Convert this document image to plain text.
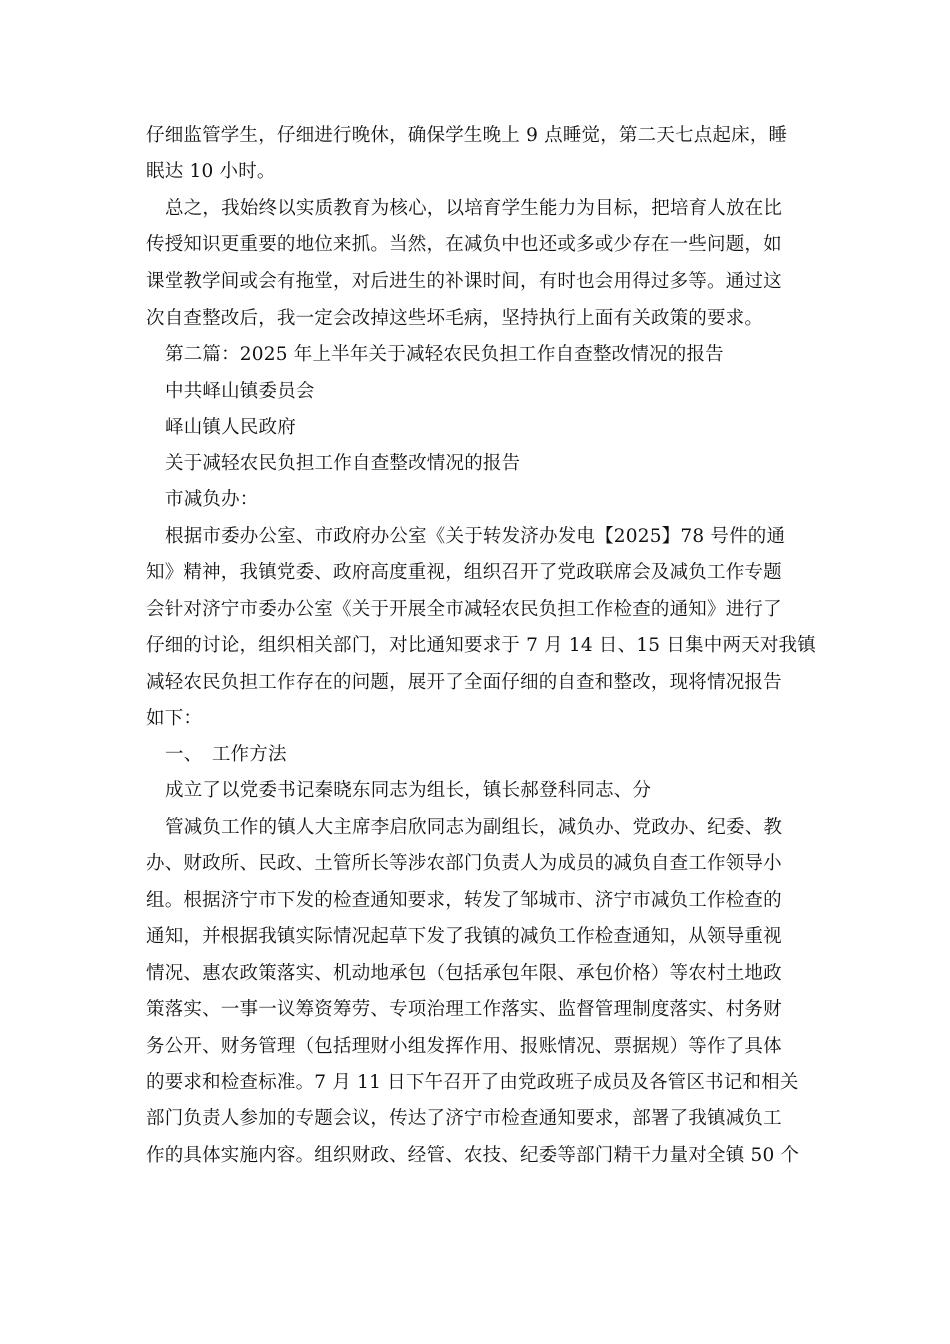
仔细监管学生，仔细进行晚休，确保学生晚上 9 点睡觉，第二天七点起床，睡
眠达 10 小时。
总之，我始终以实质教育为核心，以培育学生能力为目标，把培育人放在比
传授知识更重要的地位来抓。当然，在减负中也还或多或少存在一些问题，如
课堂教学间或会有拖堂，对后进生的补课时间，有时也会用得过多等。通过这
次自查整改后，我一定会改掉这些坏毛病，坚持执行上面有关政策的要求。
第二篇：2025 年上半年关于减轻农民负担工作自查整改情况的报告
中共峄山镇委员会
峄山镇人民政府
关于减轻农民负担工作自查整改情况的报告
市减负办：
根据市委办公室、市政府办公室《关于转发济办发电【2025】78 号件的通
知》精神，我镇党委、政府高度重视，组织召开了党政联席会及减负工作专题
会针对济宁市委办公室《关于开展全市减轻农民负担工作检查的通知》进行了
仔细的讨论，组织相关部门，对比通知要求于 7 月 14 日、15 日集中两天对我镇
减轻农民负担工作存在的问题，展开了全面仔细的自查和整改，现将情况报告
如下：
一、　工作方法
成立了以党委书记秦晓东同志为组长，镇长郝登科同志、分
管减负工作的镇人大主席李启欣同志为副组长，减负办、党政办、纪委、教
办、财政所、民政、土管所长等涉农部门负责人为成员的减负自查工作领导小
组。根据济宁市下发的检查通知要求，转发了邹城市、济宁市减负工作检查的
通知，并根据我镇实际情况起草下发了我镇的减负工作检查通知，从领导重视
情况、惠农政策落实、机动地承包（包括承包年限、承包价格）等农村土地政
策落实、一事一议筹资筹劳、专项治理工作落实、监督管理制度落实、村务财
务公开、财务管理（包括理财小组发挥作用、报账情况、票据规）等作了具体
的要求和检查标准。7 月 11 日下午召开了由党政班子成员及各管区书记和相关
部门负责人参加的专题会议，传达了济宁市检查通知要求，部署了我镇减负工
作的具体实施内容。组织财政、经管、农技、纪委等部门精干力量对全镇 50 个
